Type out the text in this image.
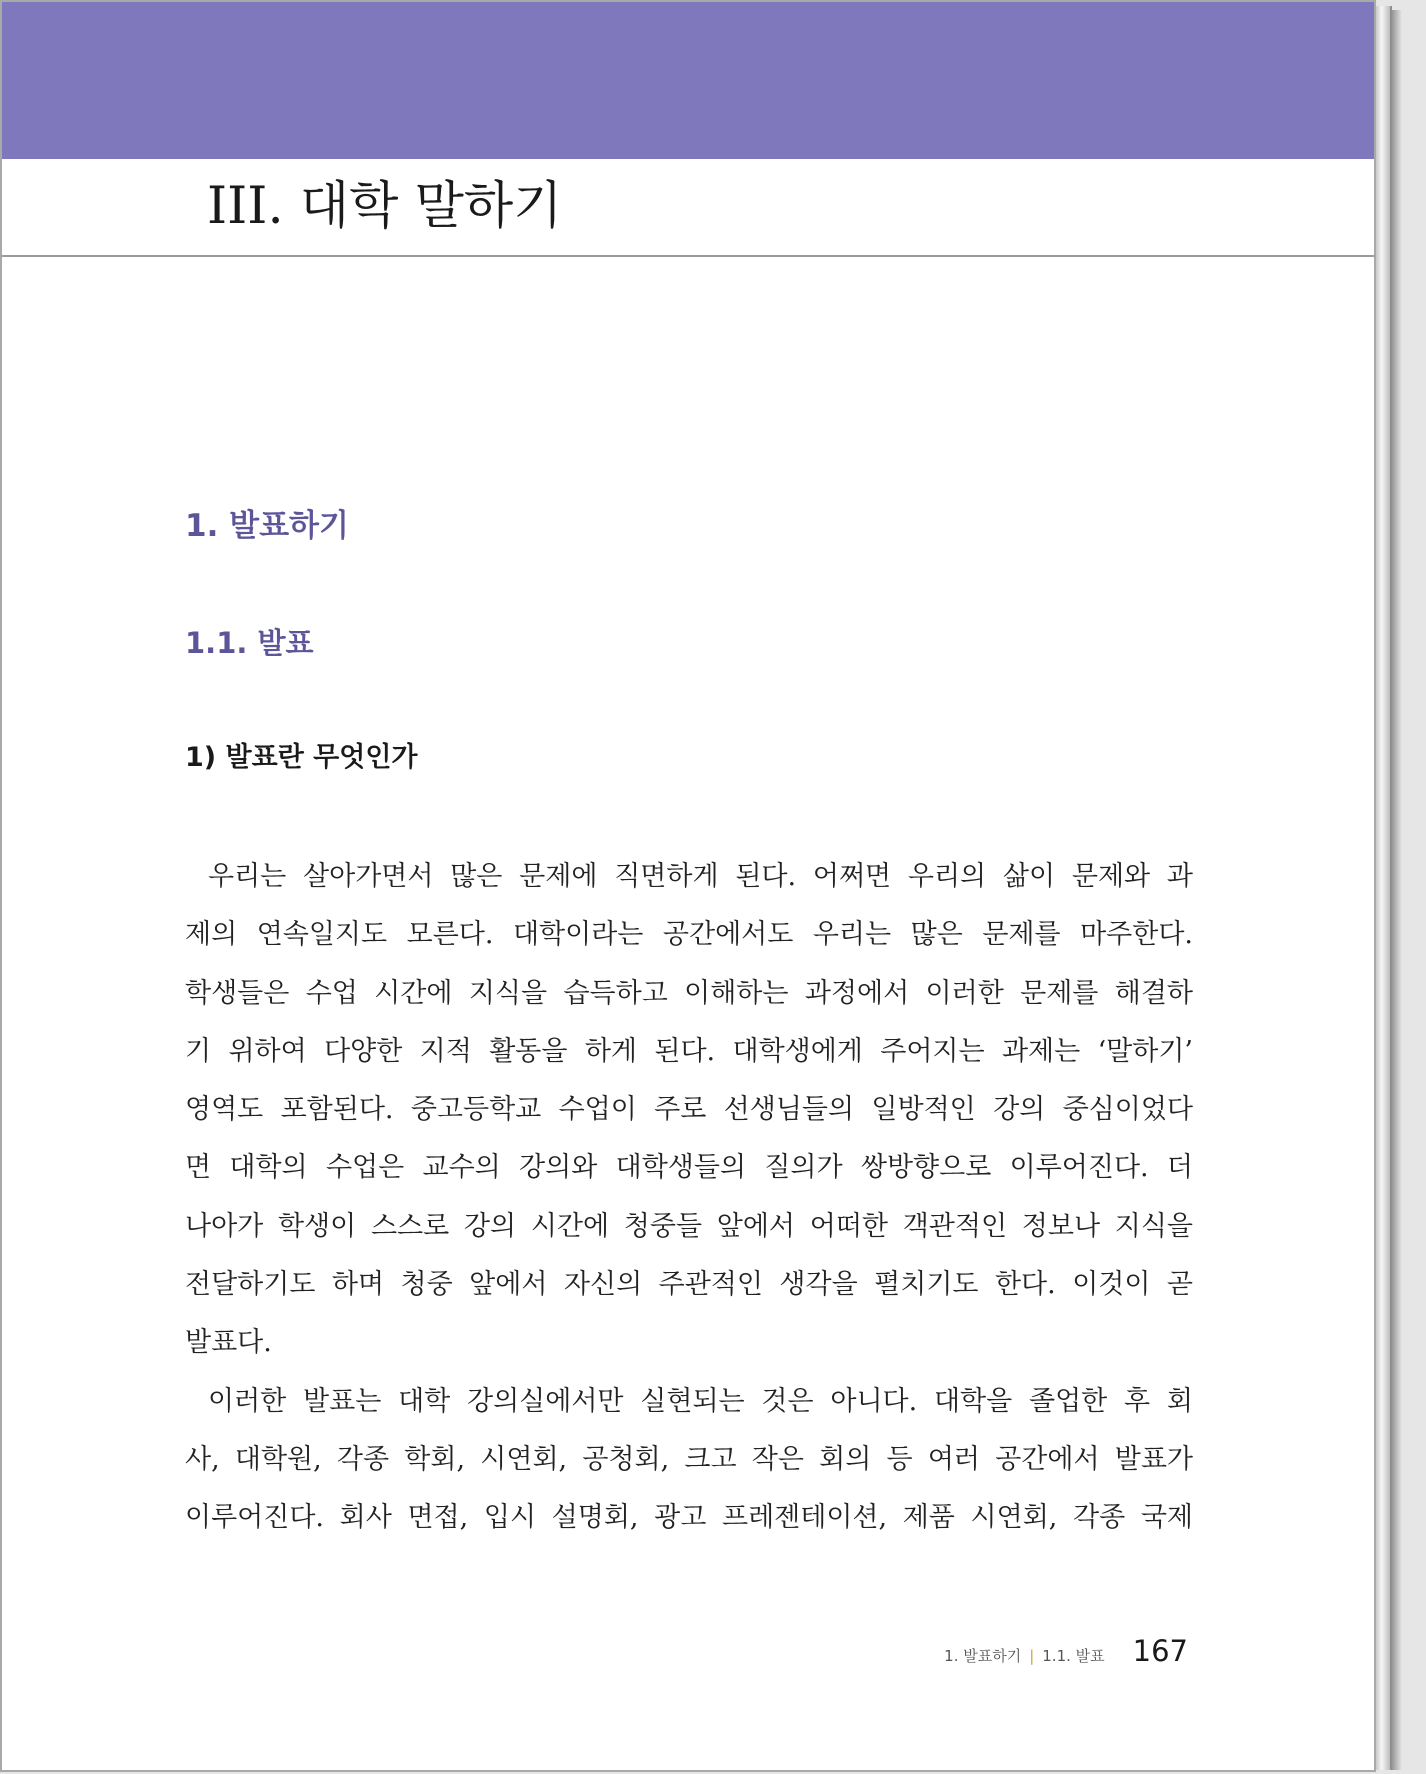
III. 대학 말하기
1. 발표하기
1.1. 발표
1) 발표란 무엇인가
우리는 살아가면서 많은 문제에 직면하게 된다. 어쩌면 우리의 삶이 문제와 과
제의 연속일지도 모른다. 대학이라는 공간에서도 우리는 많은 문제를 마주한다.
학생들은 수업 시간에 지식을 습득하고 이해하는 과정에서 이러한 문제를 해결하
기 위하여 다양한 지적 활동을 하게 된다. 대학생에게 주어지는 과제는 ‘말하기’
영역도 포함된다. 중고등학교 수업이 주로 선생님들의 일방적인 강의 중심이었다
면 대학의 수업은 교수의 강의와 대학생들의 질의가 쌍방향으로 이루어진다. 더
나아가 학생이 스스로 강의 시간에 청중들 앞에서 어떠한 객관적인 정보나 지식을
전달하기도 하며 청중 앞에서 자신의 주관적인 생각을 펼치기도 한다. 이것이 곧
발표다.
이러한 발표는 대학 강의실에서만 실현되는 것은 아니다. 대학을 졸업한 후 회
사, 대학원, 각종 학회, 시연회, 공청회, 크고 작은 회의 등 여러 공간에서 발표가
이루어진다. 회사 면접, 입시 설명회, 광고 프레젠테이션, 제품 시연회, 각종 국제
1. 발표하기 | 1.1. 발표 167
